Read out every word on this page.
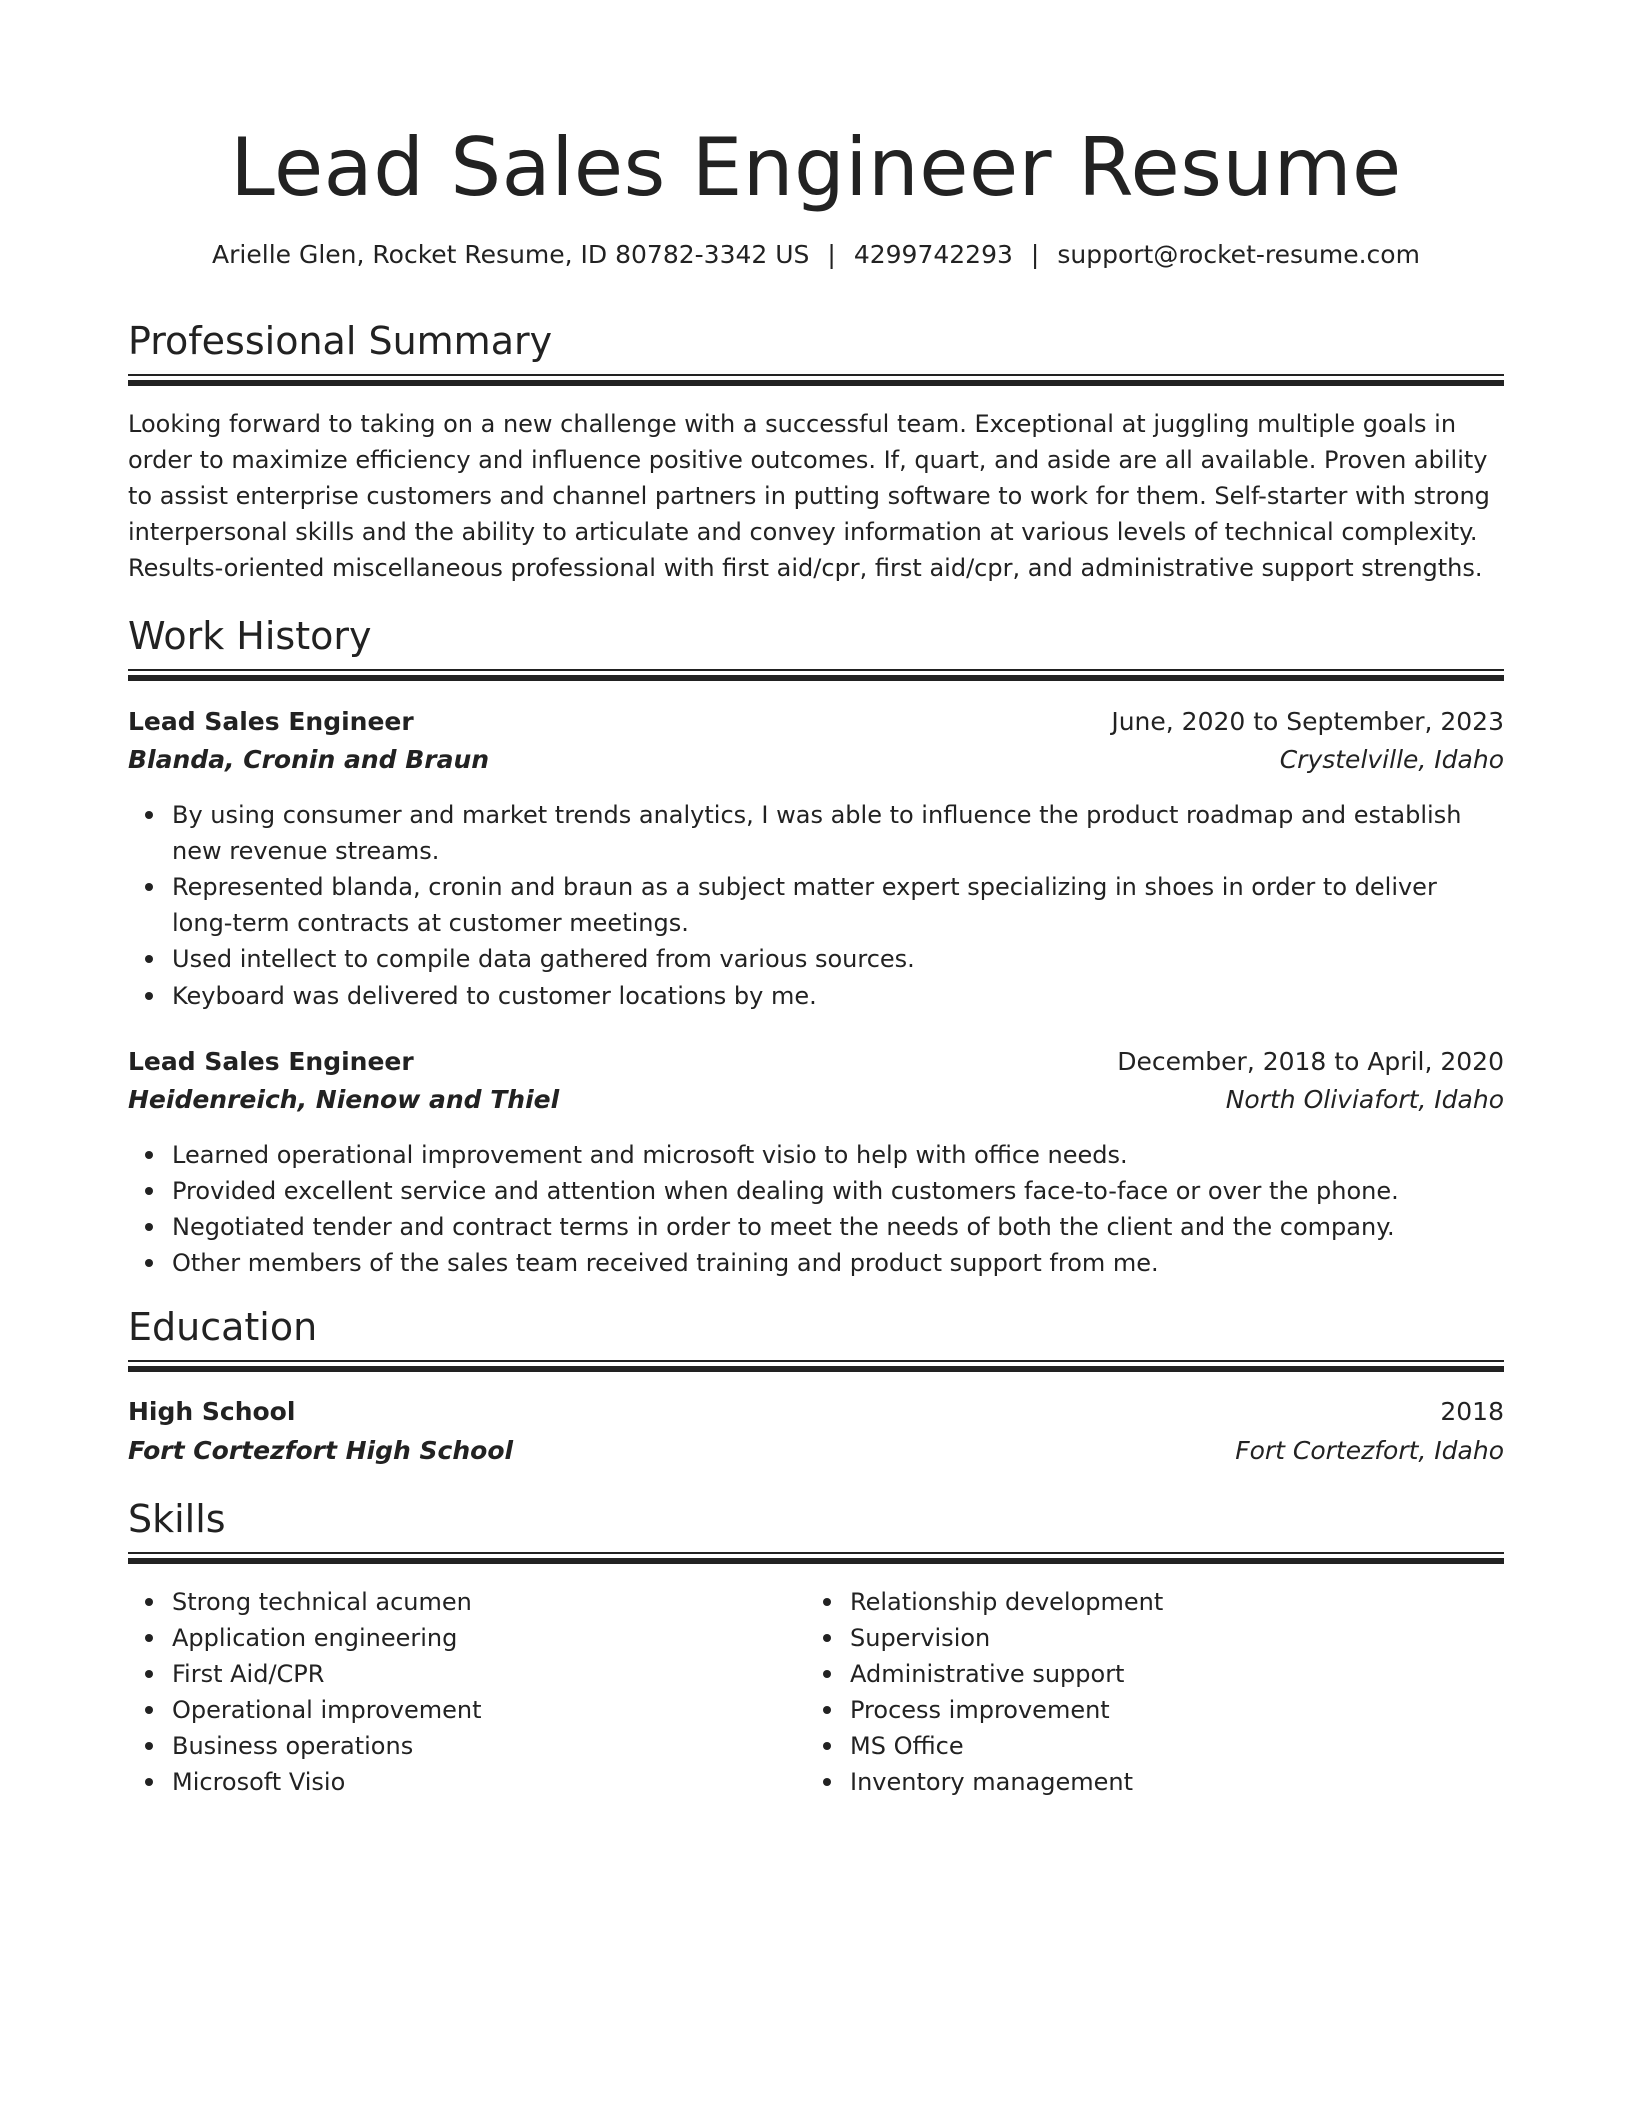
Lead Sales Engineer Resume
Arielle Glen, Rocket Resume, ID 80782-3342 US | 4299742293 | support@rocket-resume.com
Professional Summary

Looking forward to taking on a new challenge with a successful team. Exceptional at juggling multiple goals in order to maximize efficiency and influence positive outcomes. If, quart, and aside are all available. Proven ability to assist enterprise customers and channel partners in putting software to work for them. Self-starter with strong interpersonal skills and the ability to articulate and convey information at various levels of technical complexity. Results-oriented miscellaneous professional with first aid/cpr, first aid/cpr, and administrative support strengths.

Work History
Lead Sales Engineer	June, 2020 to September, 2023
Blanda, Cronin and Braun	Crystelville, Idaho
By using consumer and market trends analytics, I was able to influence the product roadmap and establish new revenue streams.
Represented blanda, cronin and braun as a subject matter expert specializing in shoes in order to deliver long-term contracts at customer meetings.
Used intellect to compile data gathered from various sources.
Keyboard was delivered to customer locations by me.
Lead Sales Engineer	December, 2018 to April, 2020
Heidenreich, Nienow and Thiel	North Oliviafort, Idaho
Learned operational improvement and microsoft visio to help with office needs.
Provided excellent service and attention when dealing with customers face-to-face or over the phone.
Negotiated tender and contract terms in order to meet the needs of both the client and the company.
Other members of the sales team received training and product support from me.
Education
High School	2018
Fort Cortezfort High School	Fort Cortezfort, Idaho
Skills
Strong technical acumen
Application engineering
First Aid/CPR
Operational improvement
Business operations
Microsoft Visio
Relationship development
Supervision
Administrative support
Process improvement
MS Office
Inventory management
